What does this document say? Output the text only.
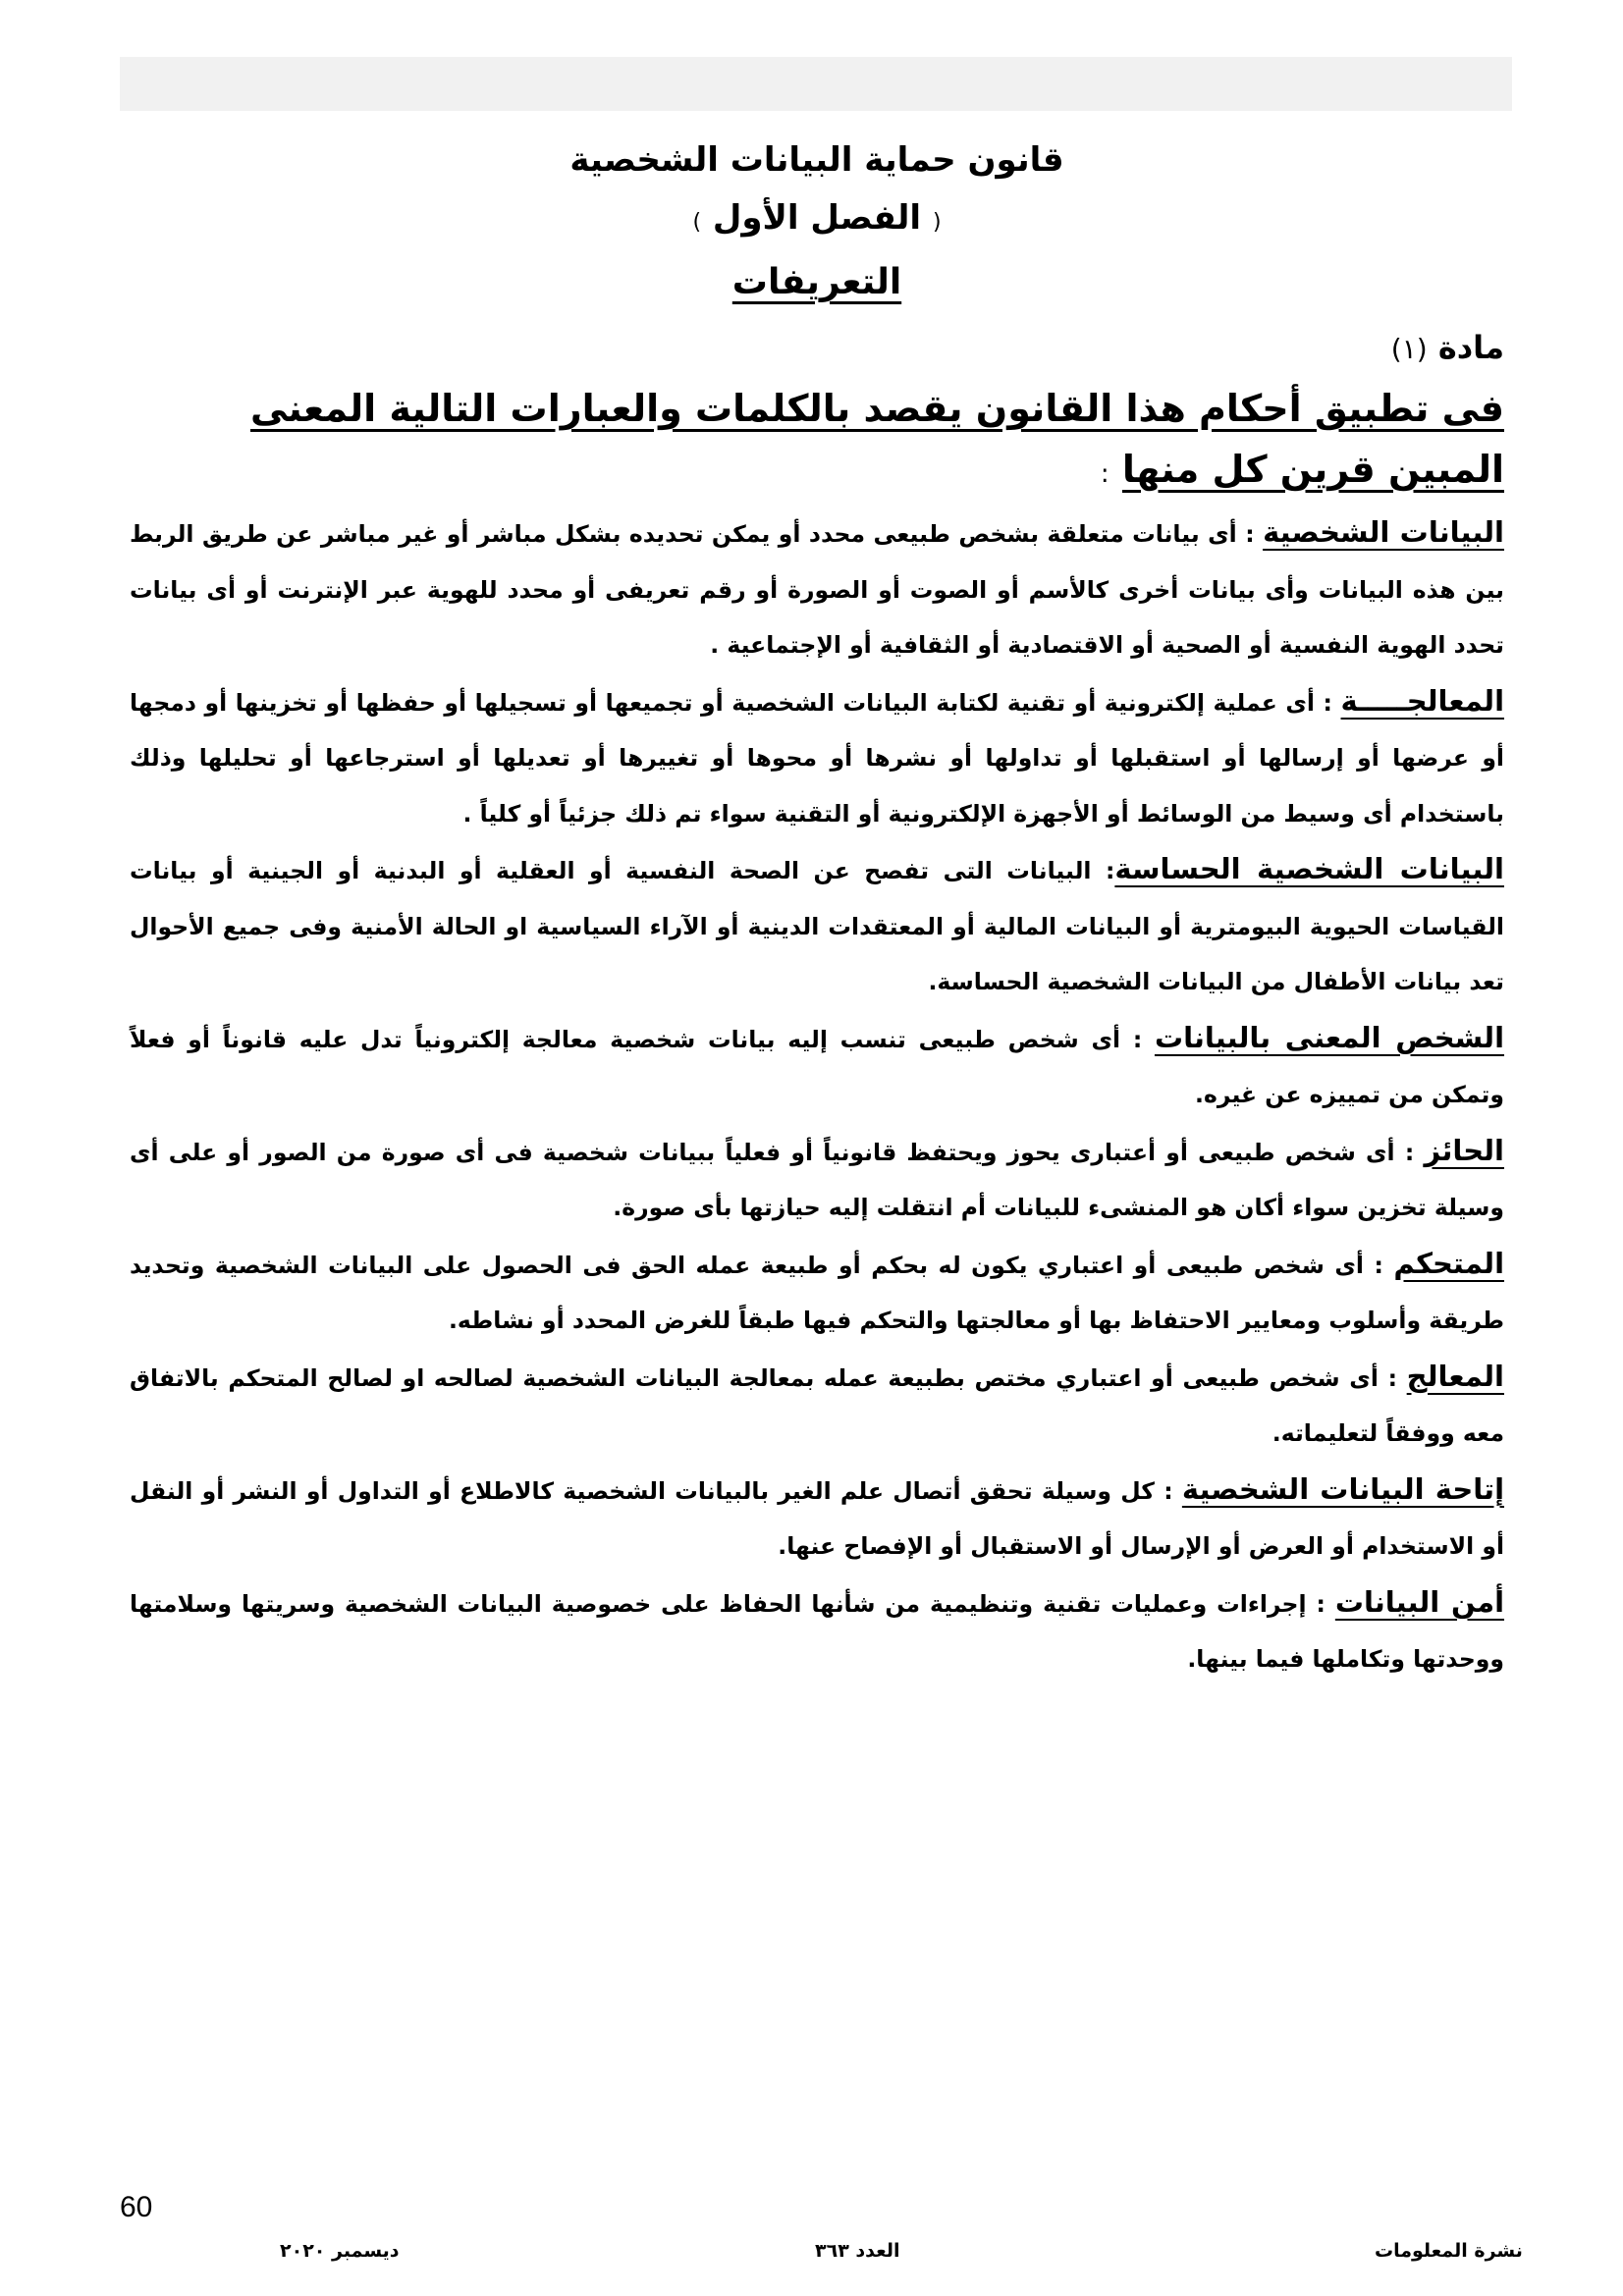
قانون حماية البيانات الشخصية
( الفصل الأول )
التعريفات
مادة (١)
فى تطبيق أحكام هذا القانون يقصد بالكلمات والعبارات التالية المعنى المبين قرين كل منها :
البيانات الشخصية : أى بيانات متعلقة بشخص طبيعى محدد أو يمكن تحديده بشكل مباشر أو غير مباشر عن طريق الربط بين هذه البيانات وأى بيانات أخرى كالأسم أو الصوت أو الصورة أو رقم تعريفى أو محدد للهوية عبر الإنترنت أو أى بيانات تحدد الهوية النفسية أو الصحية أو الاقتصادية أو الثقافية أو الإجتماعية .
المعالجـــــة : أى عملية إلكترونية أو تقنية لكتابة البيانات الشخصية أو تجميعها أو تسجيلها أو حفظها أو تخزينها أو دمجها أو عرضها أو إرسالها أو استقبلها أو تداولها أو نشرها أو محوها أو تغييرها أو تعديلها أو استرجاعها أو تحليلها وذلك باستخدام أى وسيط من الوسائط أو الأجهزة الإلكترونية أو التقنية سواء تم ذلك جزئياً أو كلياً .
البيانات الشخصية الحساسة: البيانات التى تفصح عن الصحة النفسية أو العقلية أو البدنية أو الجينية أو بيانات القياسات الحيوية البيومترية أو البيانات المالية أو المعتقدات الدينية أو الآراء السياسية او الحالة الأمنية وفى جميع الأحوال تعد بيانات الأطفال من البيانات الشخصية الحساسة.
الشخص المعنى بالبيانات : أى شخص طبيعى تنسب إليه بيانات شخصية معالجة إلكترونياً تدل عليه قانوناً أو فعلاً وتمكن من تمييزه عن غيره.
الحائز : أى شخص طبيعى أو أعتبارى يحوز ويحتفظ قانونياً أو فعلياً ببيانات شخصية فى أى صورة من الصور أو على أى وسيلة تخزين سواء أكان هو المنشىء للبيانات أم انتقلت إليه حيازتها بأى صورة.
المتحكم : أى شخص طبيعى أو اعتباري يكون له بحكم أو طبيعة عمله الحق فى الحصول على البيانات الشخصية وتحديد طريقة وأسلوب ومعايير الاحتفاظ بها أو معالجتها والتحكم فيها طبقاً للغرض المحدد أو نشاطه.
المعالج : أى شخص طبيعى أو اعتباري مختص بطبيعة عمله بمعالجة البيانات الشخصية لصالحه او لصالح المتحكم بالاتفاق معه ووفقاً لتعليماته.
إتاحة البيانات الشخصية : كل وسيلة تحقق أتصال علم الغير بالبيانات الشخصية كالاطلاع أو التداول أو النشر أو النقل أو الاستخدام أو العرض أو الإرسال أو الاستقبال أو الإفصاح عنها.
أمن البيانات : إجراءات وعمليات تقنية وتنظيمية من شأنها الحفاظ على خصوصية البيانات الشخصية وسريتها وسلامتها ووحدتها وتكاملها فيما بينها.
60
ديسمبر ٢٠٢٠	العدد ٣٦٣	نشرة المعلومات
